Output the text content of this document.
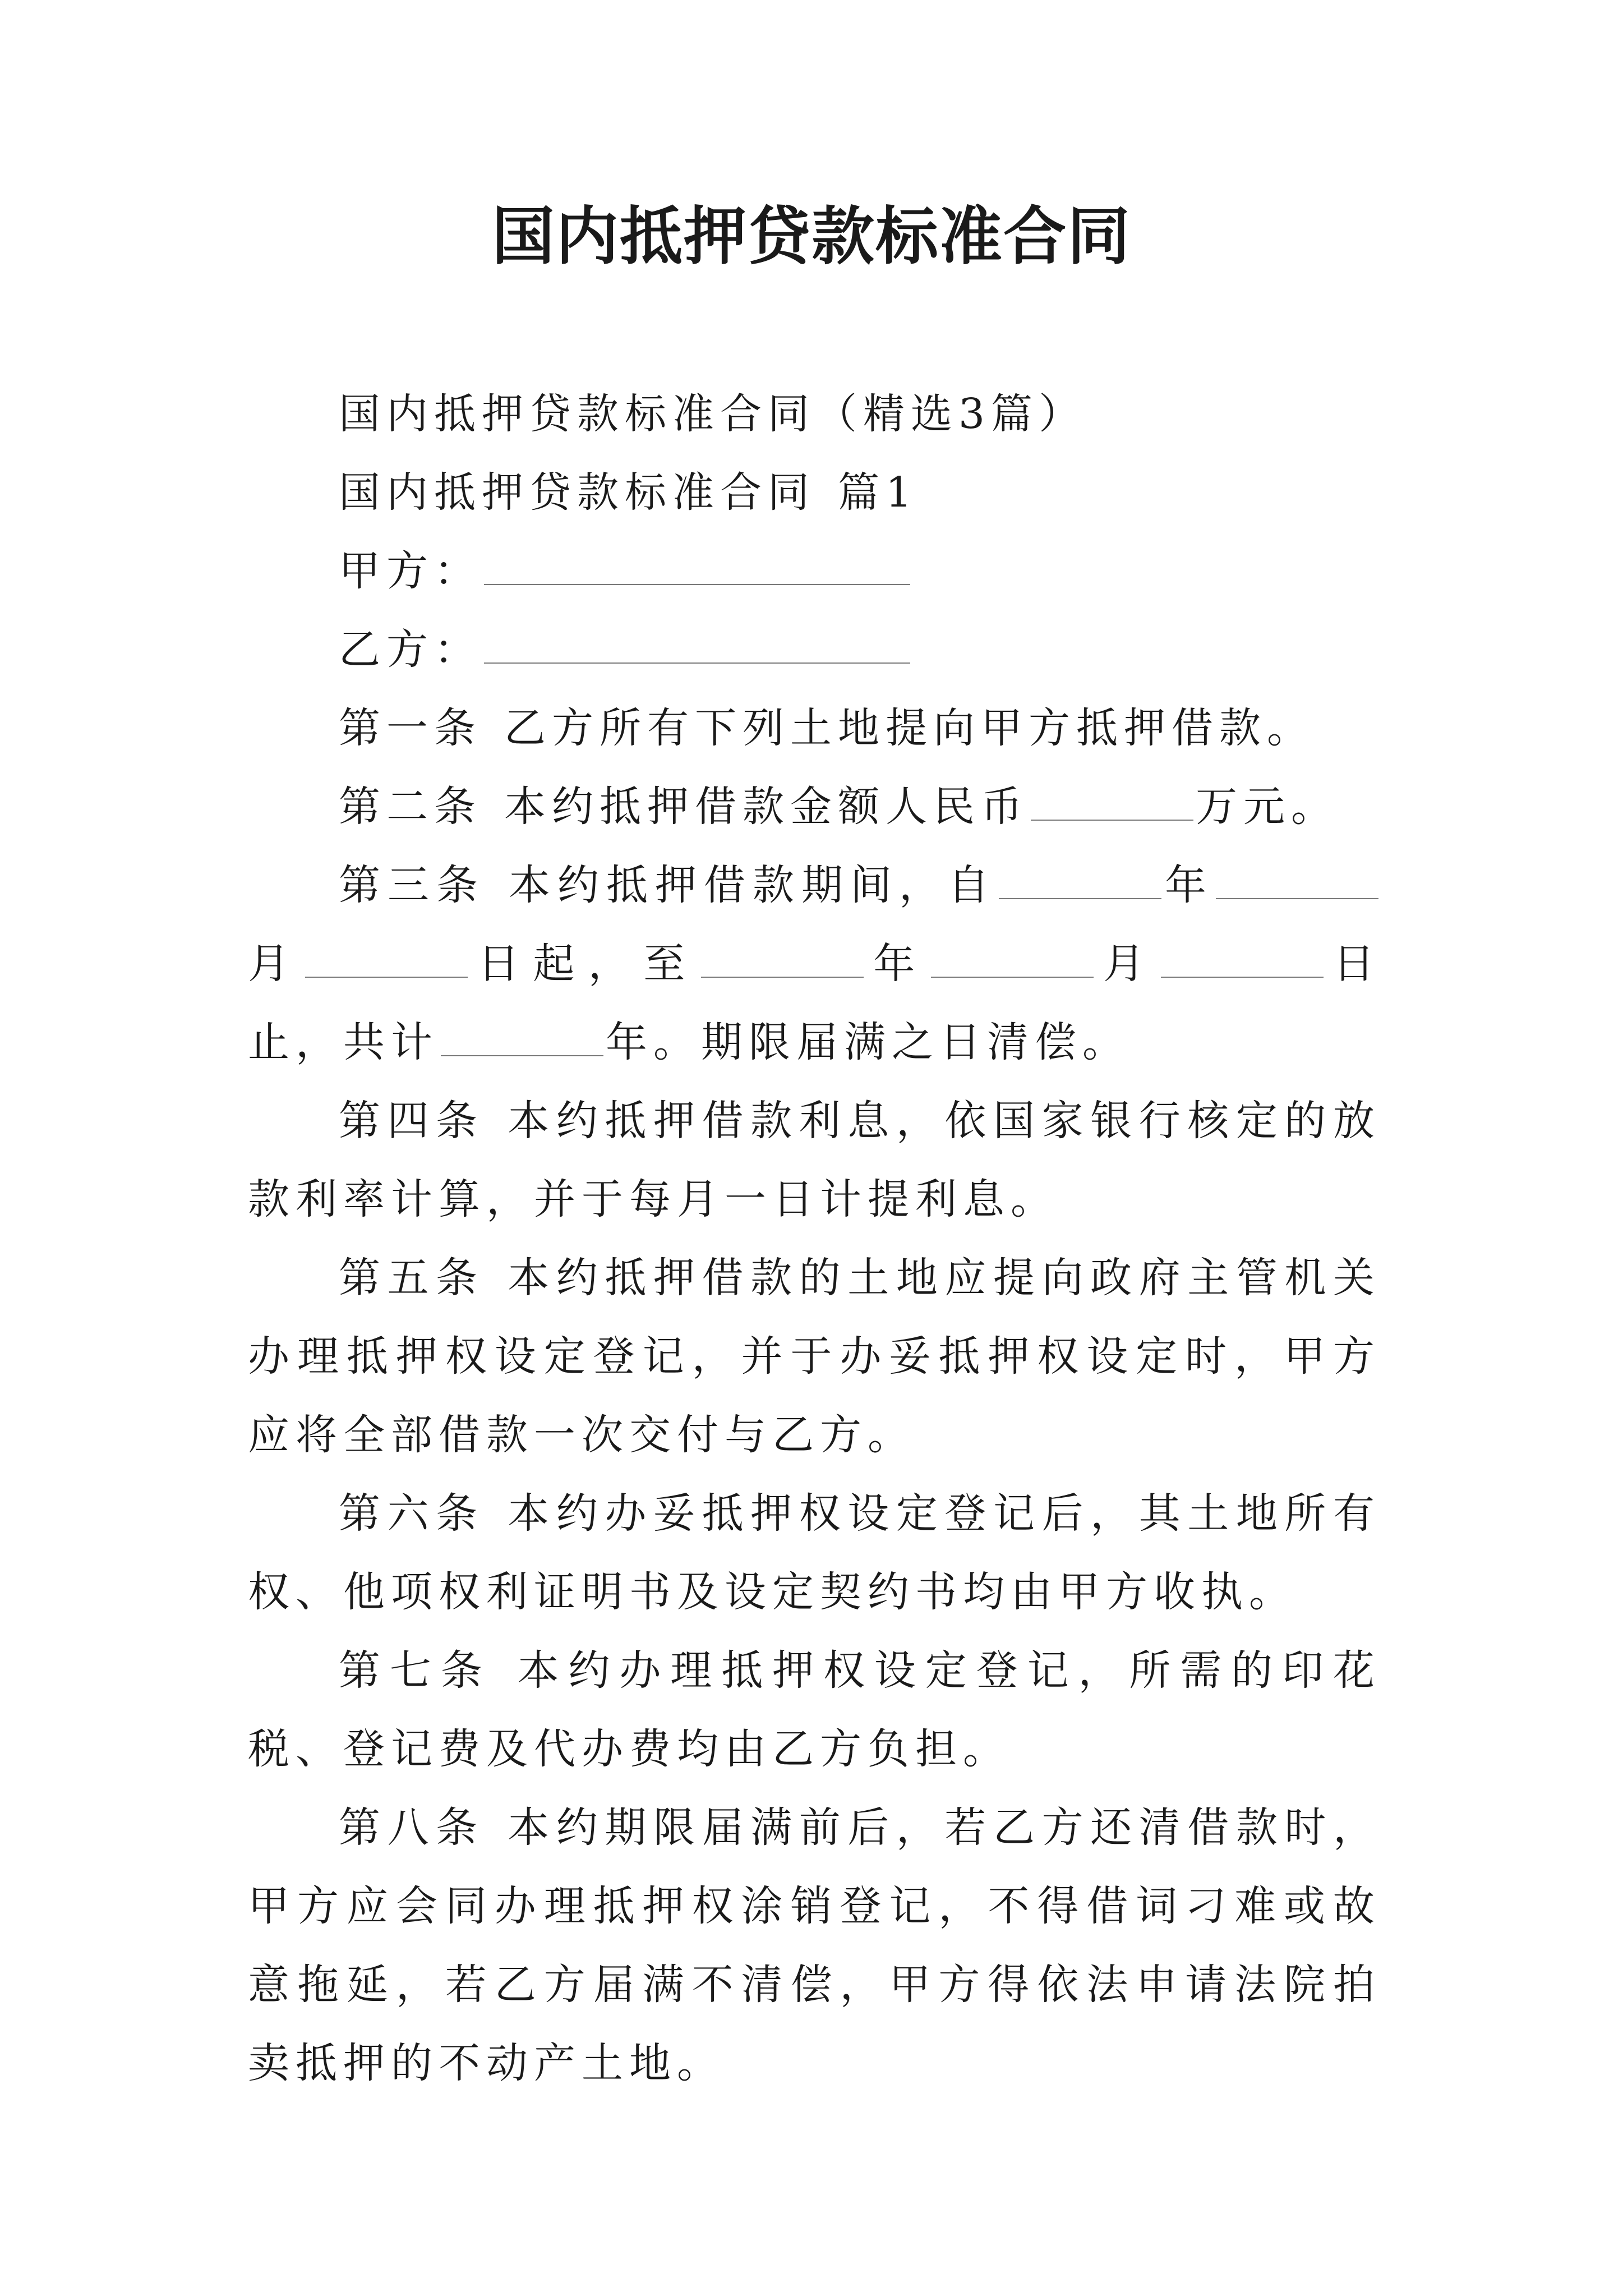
国内抵押贷款标准合同

国内抵押贷款标准合同（精选3篇）

国内抵押贷款标准合同 篇1

甲方：

乙方：

第一条 乙方所有下列土地提向甲方抵押借款。

第二条 本约抵押借款金额人民币	万元。

第三条 本约抵押借款期间，自	年月	日起，至	年	月	日止，共计	年。期限届满之日清偿。

第四条 本约抵押借款利息，依国家银行核定的放款利率计算，并于每月一日计提利息。

第五条 本约抵押借款的土地应提向政府主管机关办理抵押权设定登记，并于办妥抵押权设定时，甲方应将全部借款一次交付与乙方。

第六条 本约办妥抵押权设定登记后，其土地所有权、他项权利证明书及设定契约书均由甲方收执。

第七条 本约办理抵押权设定登记，所需的印花税、登记费及代办费均由乙方负担。

第八条 本约期限届满前后，若乙方还清借款时，甲方应会同办理抵押权涂销登记，不得借词刁难或故意拖延，若乙方届满不清偿，甲方得依法申请法院拍卖抵押的不动产土地。
